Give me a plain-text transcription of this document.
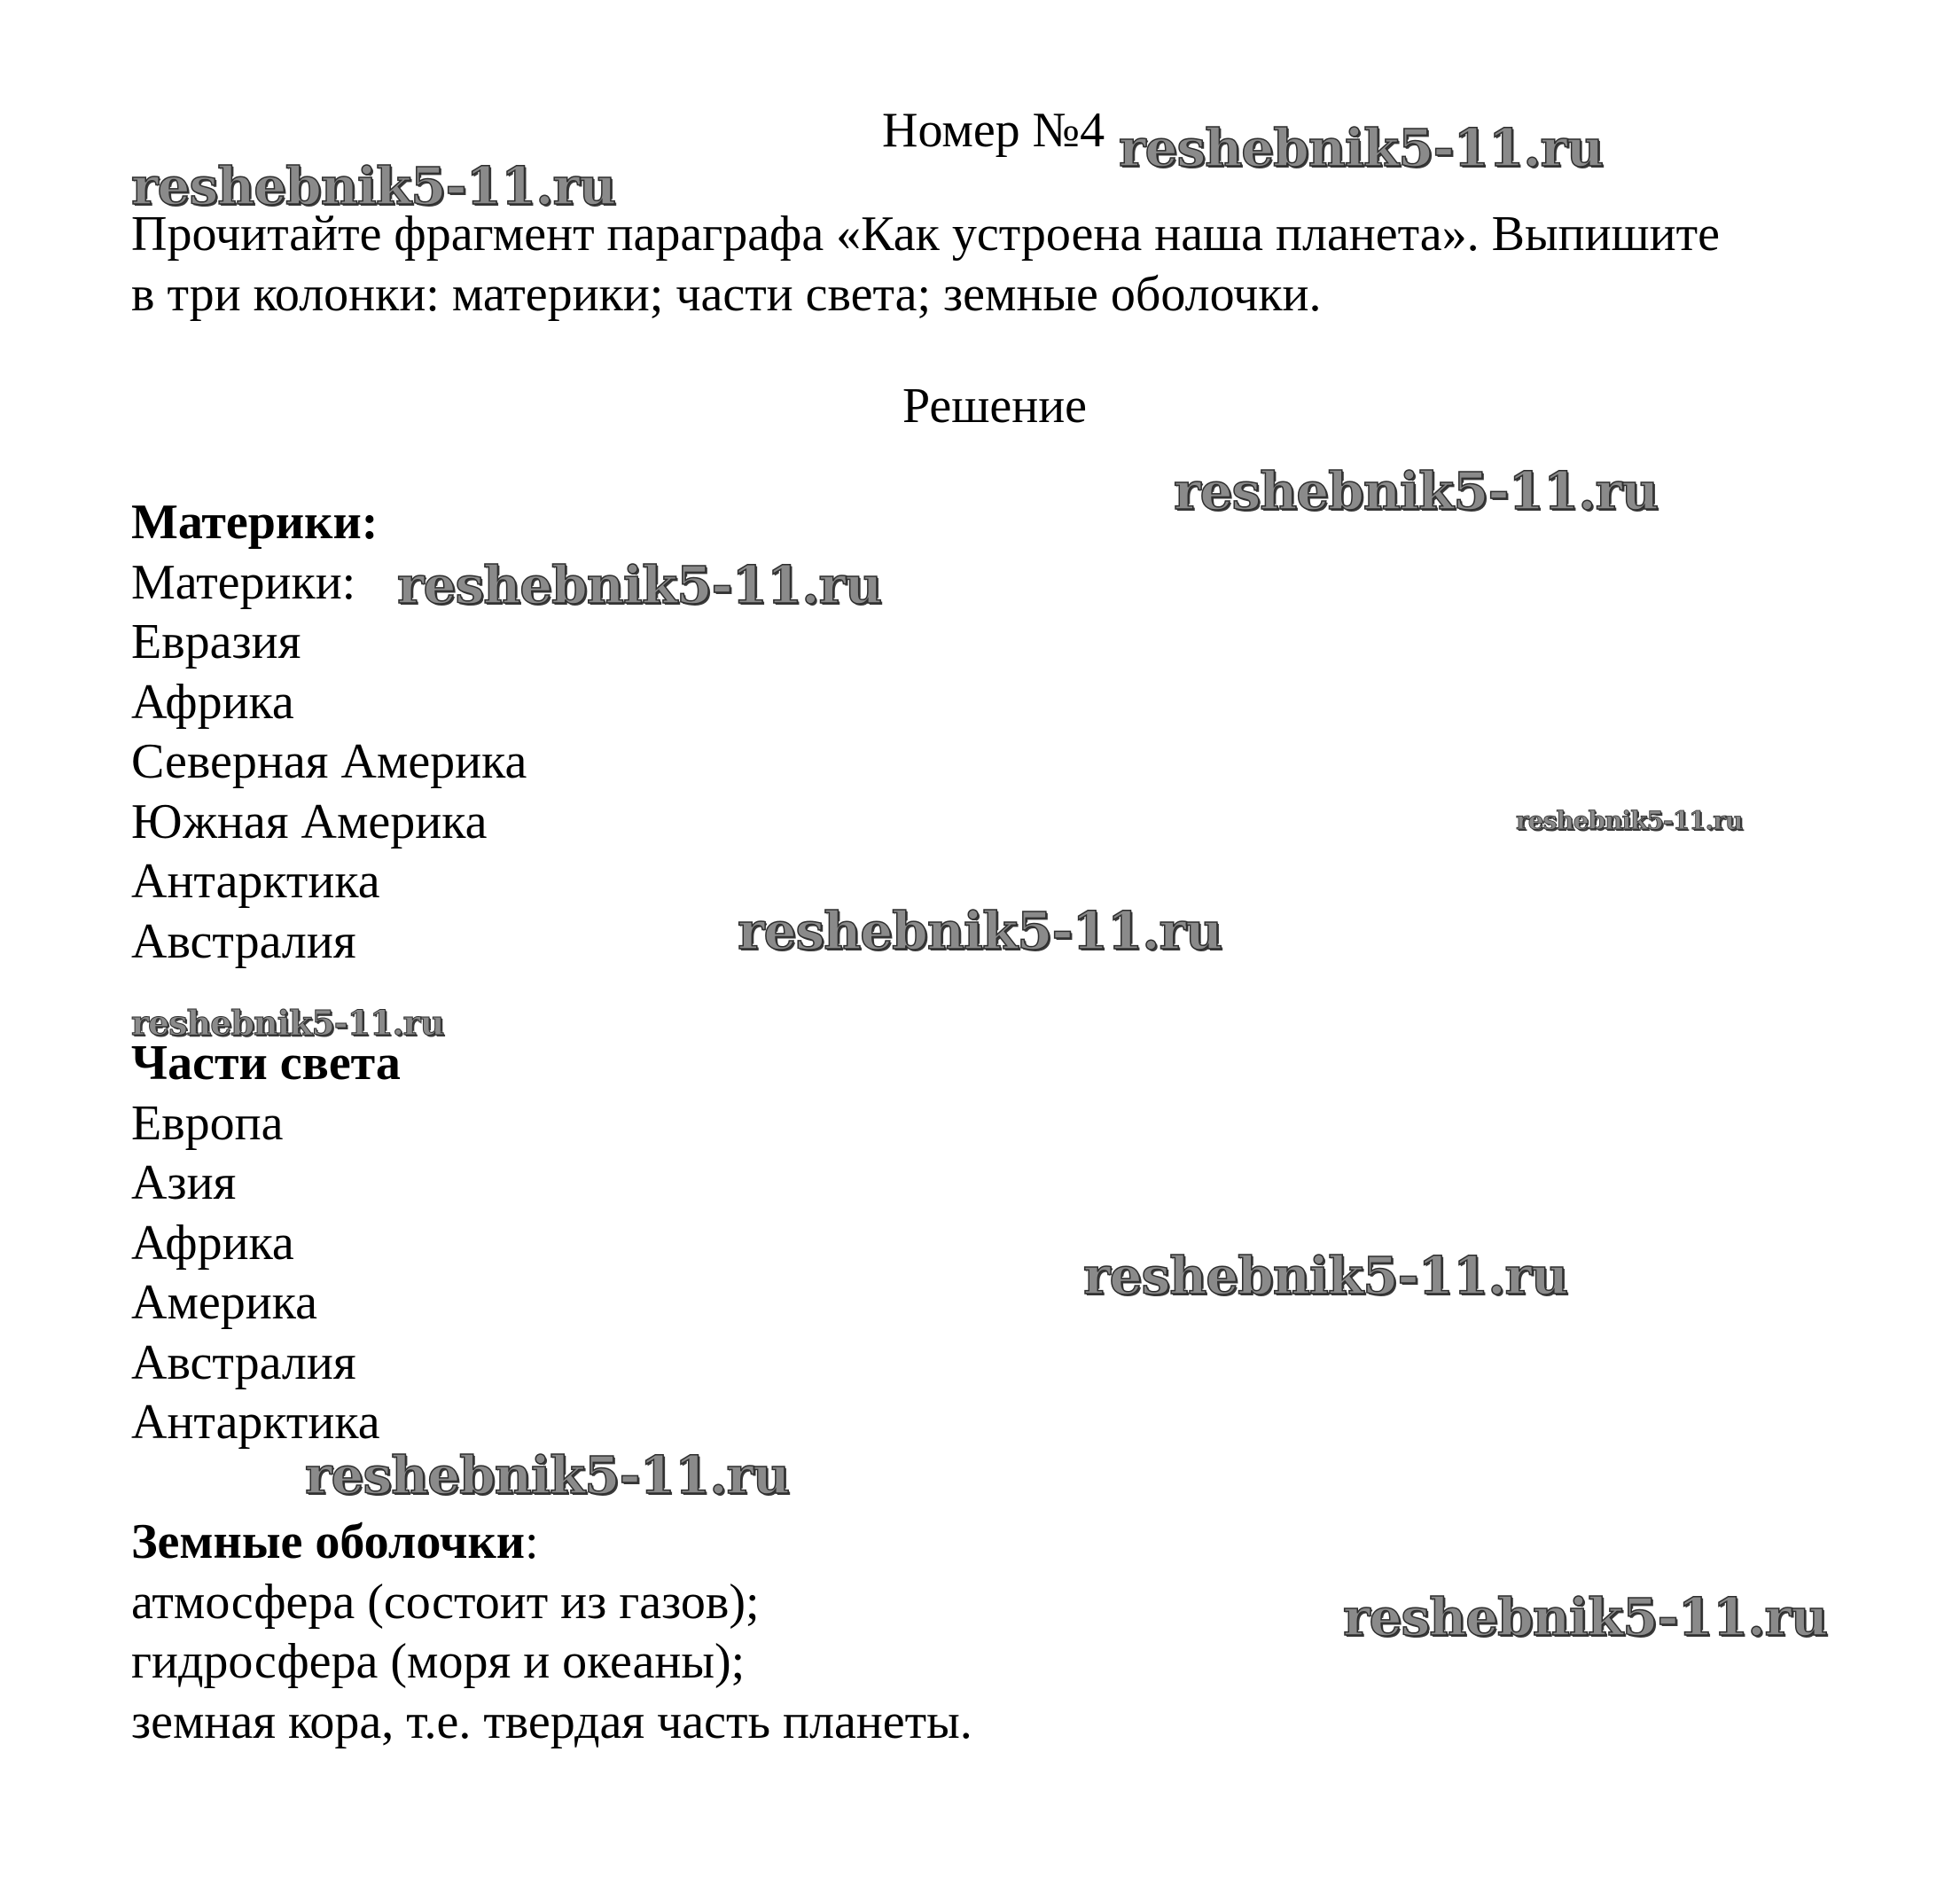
Номер №4
Прочитайте фрагмент параграфа «Как устроена наша планета». Выпишите
в три колонки: материки; части света; земные оболочки.
Решение
Материки:
Материки:
Евразия
Африка
Северная Америка
Южная Америка
Антарктика
Австралия
Части света
Европа
Азия
Африка
Америка
Австралия
Антарктика
Земные оболочки:
атмосфера (состоит из газов);
гидросфера (моря и океаны);
земная кора, т.е. твердая часть планеты.
reshebnik5-11.ru
reshebnik5-11.ru
reshebnik5-11.ru
reshebnik5-11.ru
reshebnik5-11.ru
reshebnik5-11.ru
reshebnik5-11.ru
reshebnik5-11.ru
reshebnik5-11.ru
reshebnik5-11.ru
